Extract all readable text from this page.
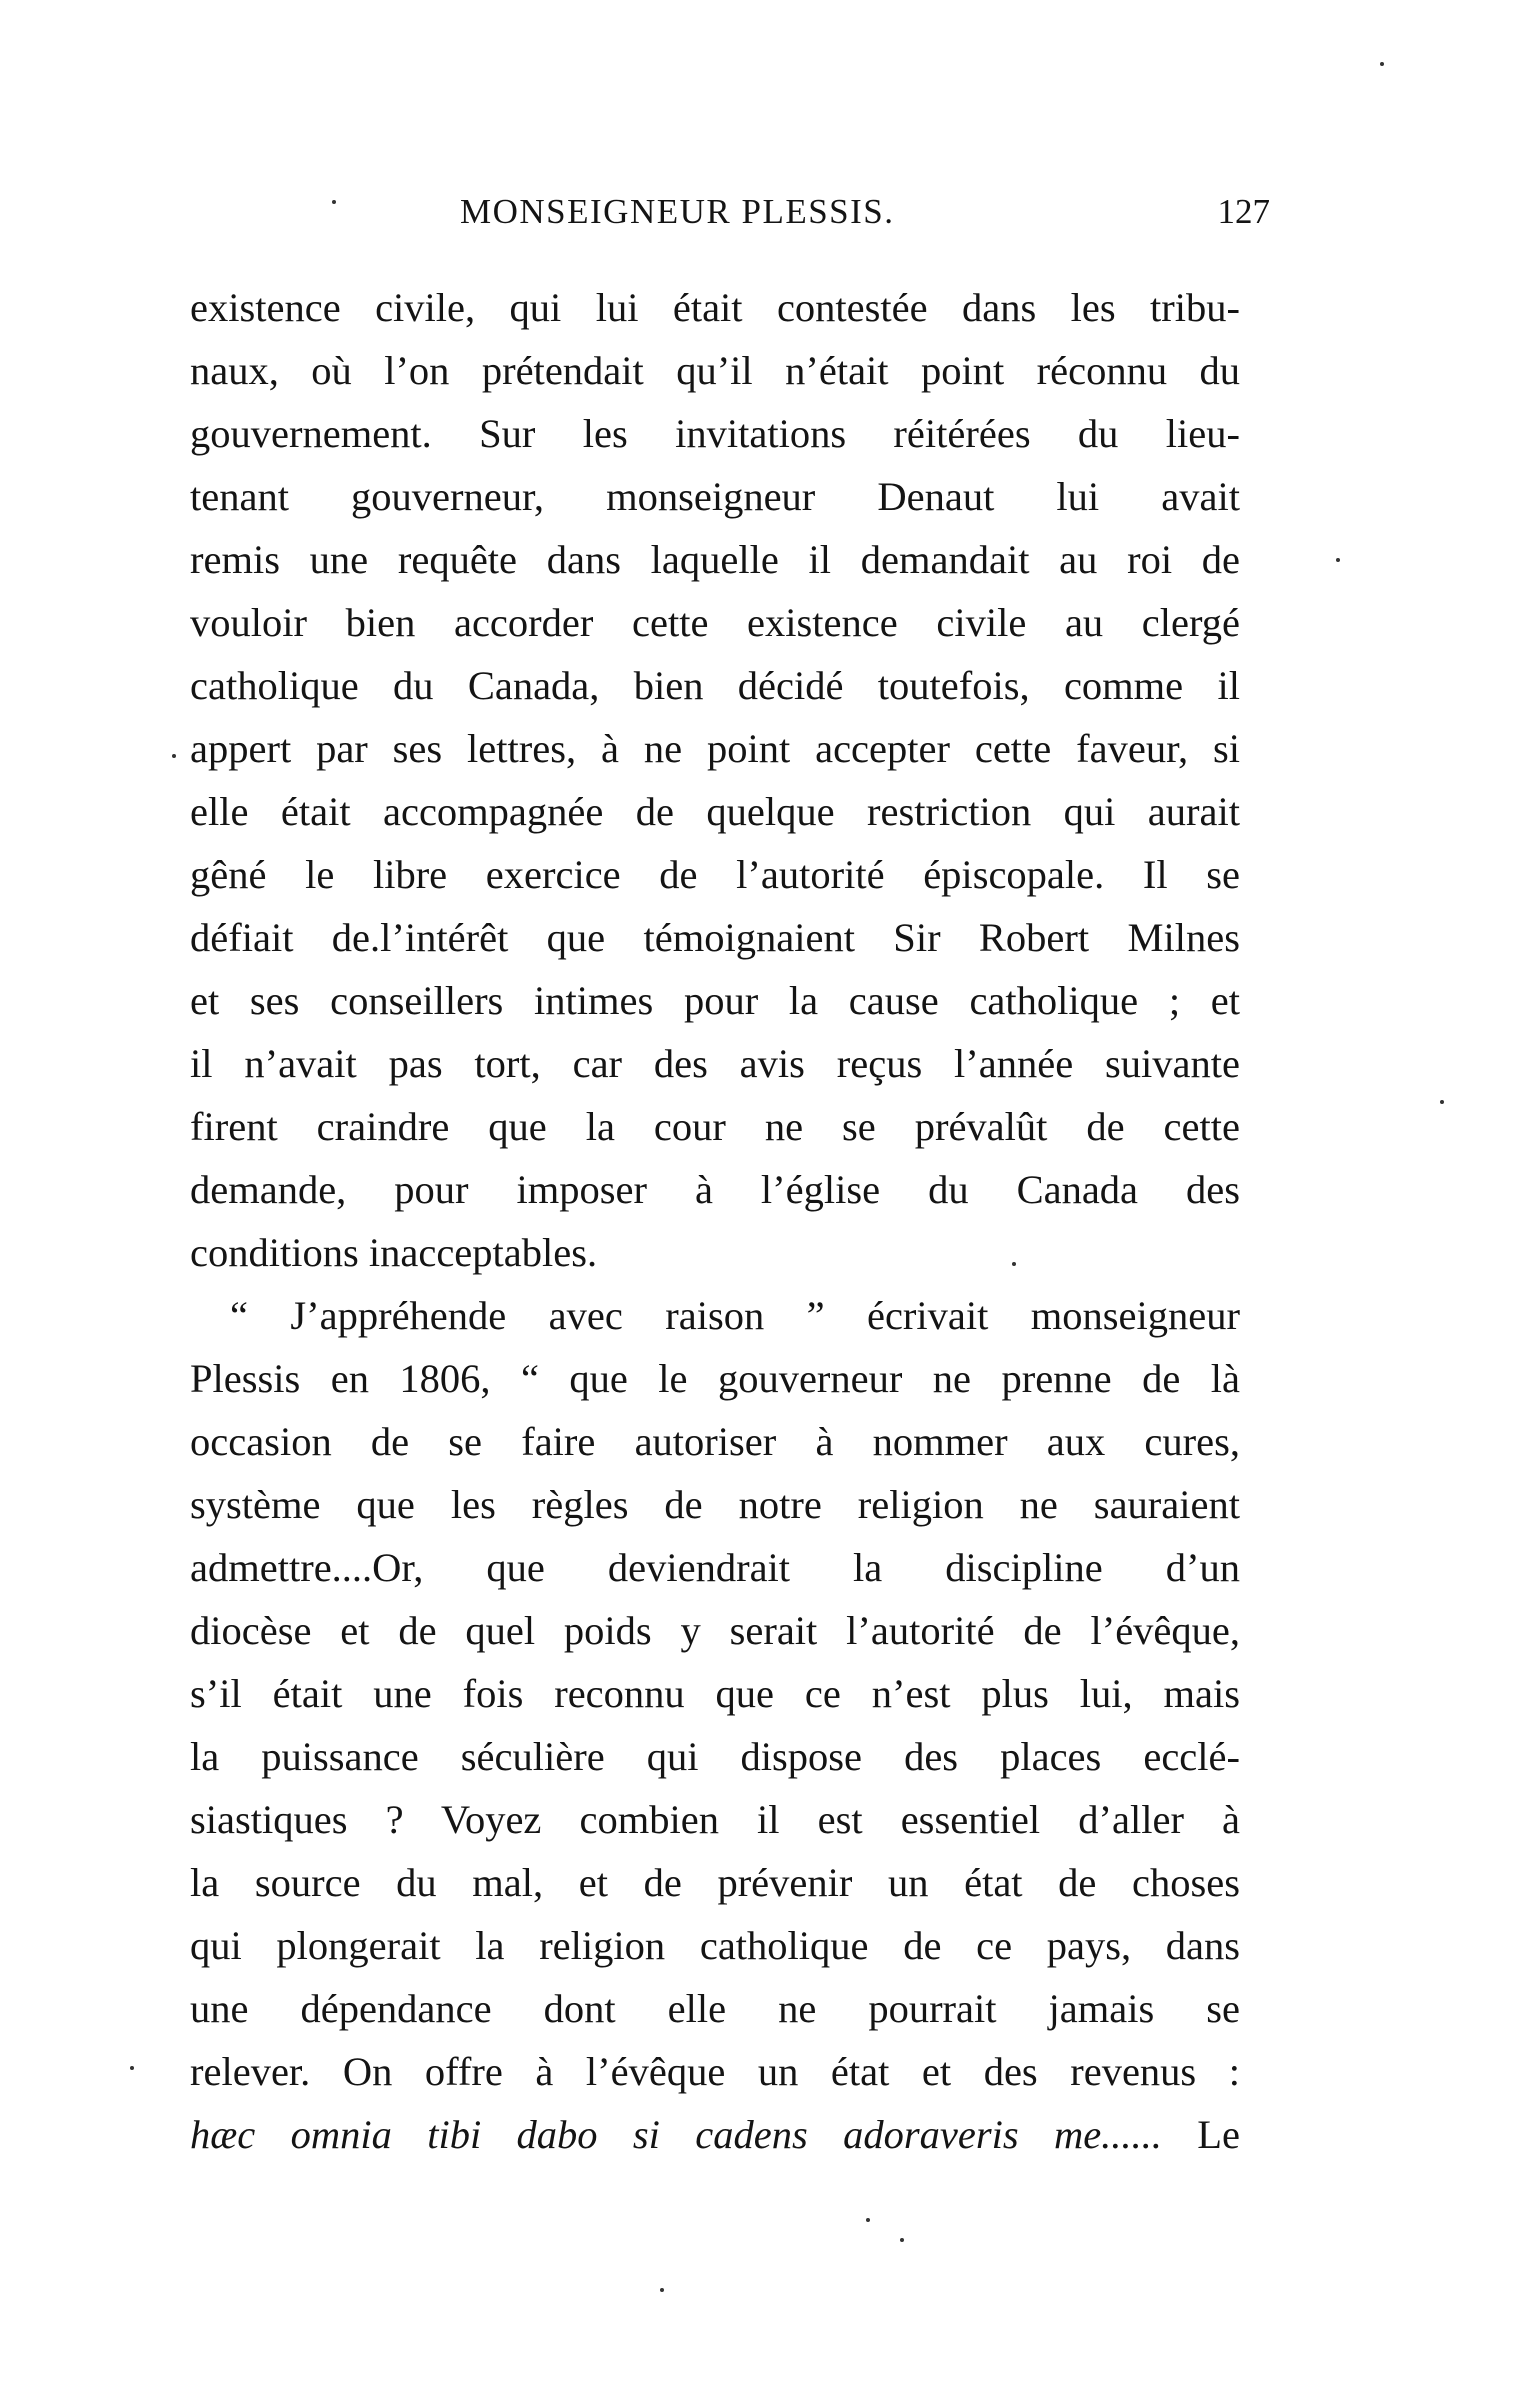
MONSEIGNEUR PLESSIS.	127
existence civile, qui lui était contestée dans les tribu-
naux, où l’on prétendait qu’il n’était point réconnu du
gouvernement. Sur les invitations réitérées du lieu-
tenant gouverneur, monseigneur Denaut lui avait
remis une requête dans laquelle il demandait au roi de
vouloir bien accorder cette existence civile au clergé
catholique du Canada, bien décidé toutefois, comme il
appert par ses lettres, à ne point accepter cette faveur, si
elle était accompagnée de quelque restriction qui aurait
gêné le libre exercice de l’autorité épiscopale. Il se
défiait de.l’intérêt que témoignaient Sir Robert Milnes
et ses conseillers intimes pour la cause catholique ; et
il n’avait pas tort, car des avis reçus l’année suivante
firent craindre que la cour ne se prévalût de cette
demande, pour imposer à l’église du Canada des
conditions inacceptables.
“ J’appréhende avec raison ” écrivait monseigneur
Plessis en 1806, “ que le gouverneur ne prenne de là
occasion de se faire autoriser à nommer aux cures,
système que les règles de notre religion ne sauraient
admettre....Or, que deviendrait la discipline d’un
diocèse et de quel poids y serait l’autorité de l’évêque,
s’il était une fois reconnu que ce n’est plus lui, mais
la puissance séculière qui dispose des places ecclé-
siastiques ? Voyez combien il est essentiel d’aller à
la source du mal, et de prévenir un état de choses
qui plongerait la religion catholique de ce pays, dans
une dépendance dont elle ne pourrait jamais se
relever. On offre à l’évêque un état et des revenus :
hæc omnia tibi dabo si cadens adoraveris me...... Le
